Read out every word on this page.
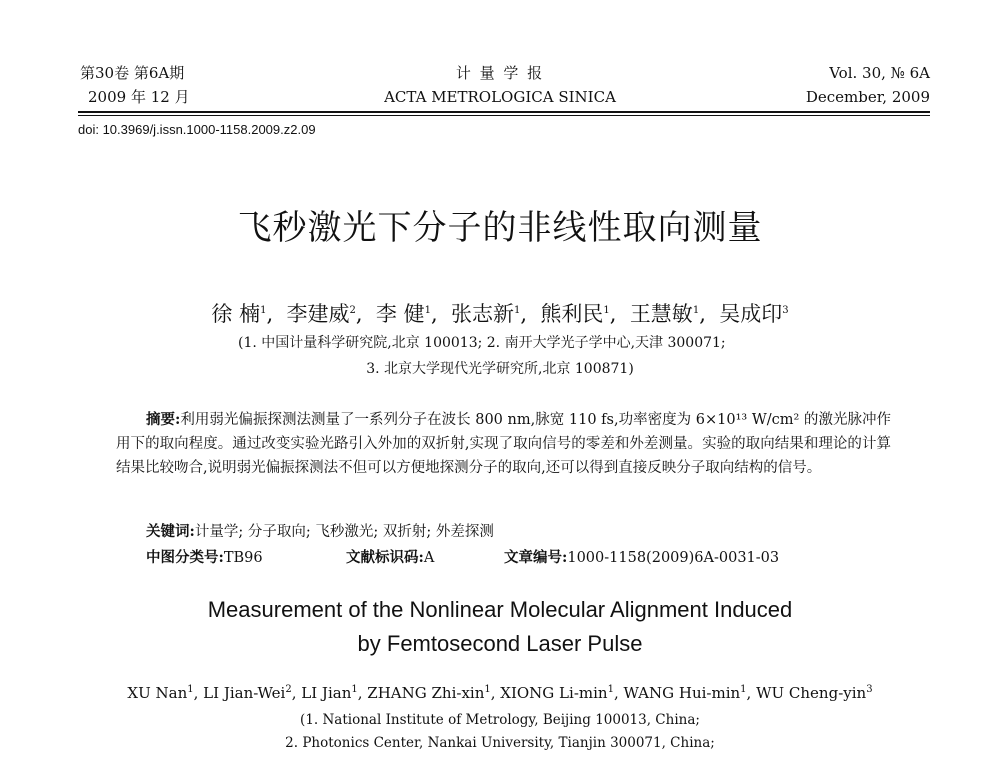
第30卷 第6A期
2009 年 12 月
计 量 学 报
ACTA METROLOGICA SINICA
Vol. 30, № 6A
December, 2009
doi: 10.3969/j.issn.1000-1158.2009.z2.09
飞秒激光下分子的非线性取向测量
徐 楠$^1$,  李建威$^2$,  李 健$^1$,  张志新$^1$,  熊利民$^1$,  王慧敏$^1$,  吴成印$^3$
(1. 中国计量科学研究院,北京 100013; 2. 南开大学光子学中心,天津 300071;
3. 北京大学现代光学研究所,北京 100871)
摘要:利用弱光偏振探测法测量了一系列分子在波长 800 nm,脉宽 110 fs,功率密度为 6×10¹³ W/cm² 的激光脉冲作用下的取向程度。通过改变实验光路引入外加的双折射,实现了取向信号的零差和外差测量。实验的取向结果和理论的计算结果比较吻合,说明弱光偏振探测法不但可以方便地探测分子的取向,还可以得到直接反映分子取向结构的信号。
关键词:计量学; 分子取向; 飞秒激光; 双折射; 外差探测
中图分类号:TB96	文献标识码:A	文章编号:1000-1158(2009)6A-0031-03
Measurement of the Nonlinear Molecular Alignment Induced
by Femtosecond Laser Pulse
XU Nan$^1$, LI Jian-Wei$^2$, LI Jian$^1$, ZHANG Zhi-xin$^1$, XIONG $Li-\min^1$, WANG Hui-$\min^1$, WU Cheng-yin$^3$
(1. National Institute of Metrology, Beijing 100013, China;
2. Photonics Center, Nankai University, Tianjin 300071, China;
